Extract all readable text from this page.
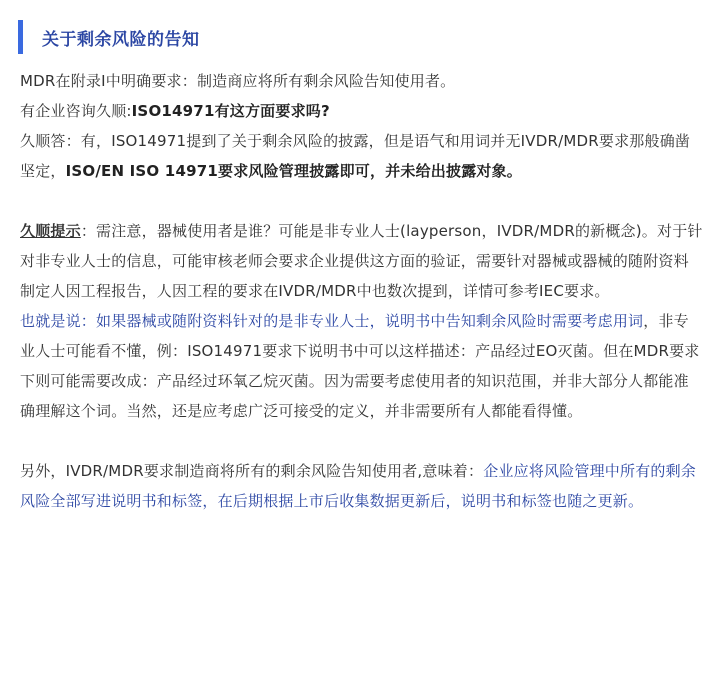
关于剩余风险的告知

MDR在附录Ⅰ中明确要求：制造商应将所有剩余风险告知使用者。

有企业咨询久顺:ISO14971有这方面要求吗?

久顺答：有，ISO14971提到了关于剩余风险的披露，但是语气和用词并无IVDR/MDR要求那般确凿坚定，ISO/EN ISO 14971要求风险管理披露即可，并未给出披露对象。

久顺提示：需注意，器械使用者是谁？可能是非专业人士(layperson，IVDR/MDR的新概念)。对于针对非专业人士的信息，可能审核老师会要求企业提供这方面的验证，需要针对器械或器械的随附资料制定人因工程报告，人因工程的要求在IVDR/MDR中也数次提到，详情可参考IEC要求。

也就是说：如果器械或随附资料针对的是非专业人士，说明书中告知剩余风险时需要考虑用词，非专业人士可能看不懂，例：ISO14971要求下说明书中可以这样描述：产品经过EO灭菌。但在MDR要求下则可能需要改成：产品经过环氧乙烷灭菌。因为需要考虑使用者的知识范围，并非大部分人都能准确理解这个词。当然，还是应考虑广泛可接受的定义，并非需要所有人都能看得懂。

另外，IVDR/MDR要求制造商将所有的剩余风险告知使用者,意味着：企业应将风险管理中所有的剩余风险全部写进说明书和标签，在后期根据上市后收集数据更新后，说明书和标签也随之更新。
